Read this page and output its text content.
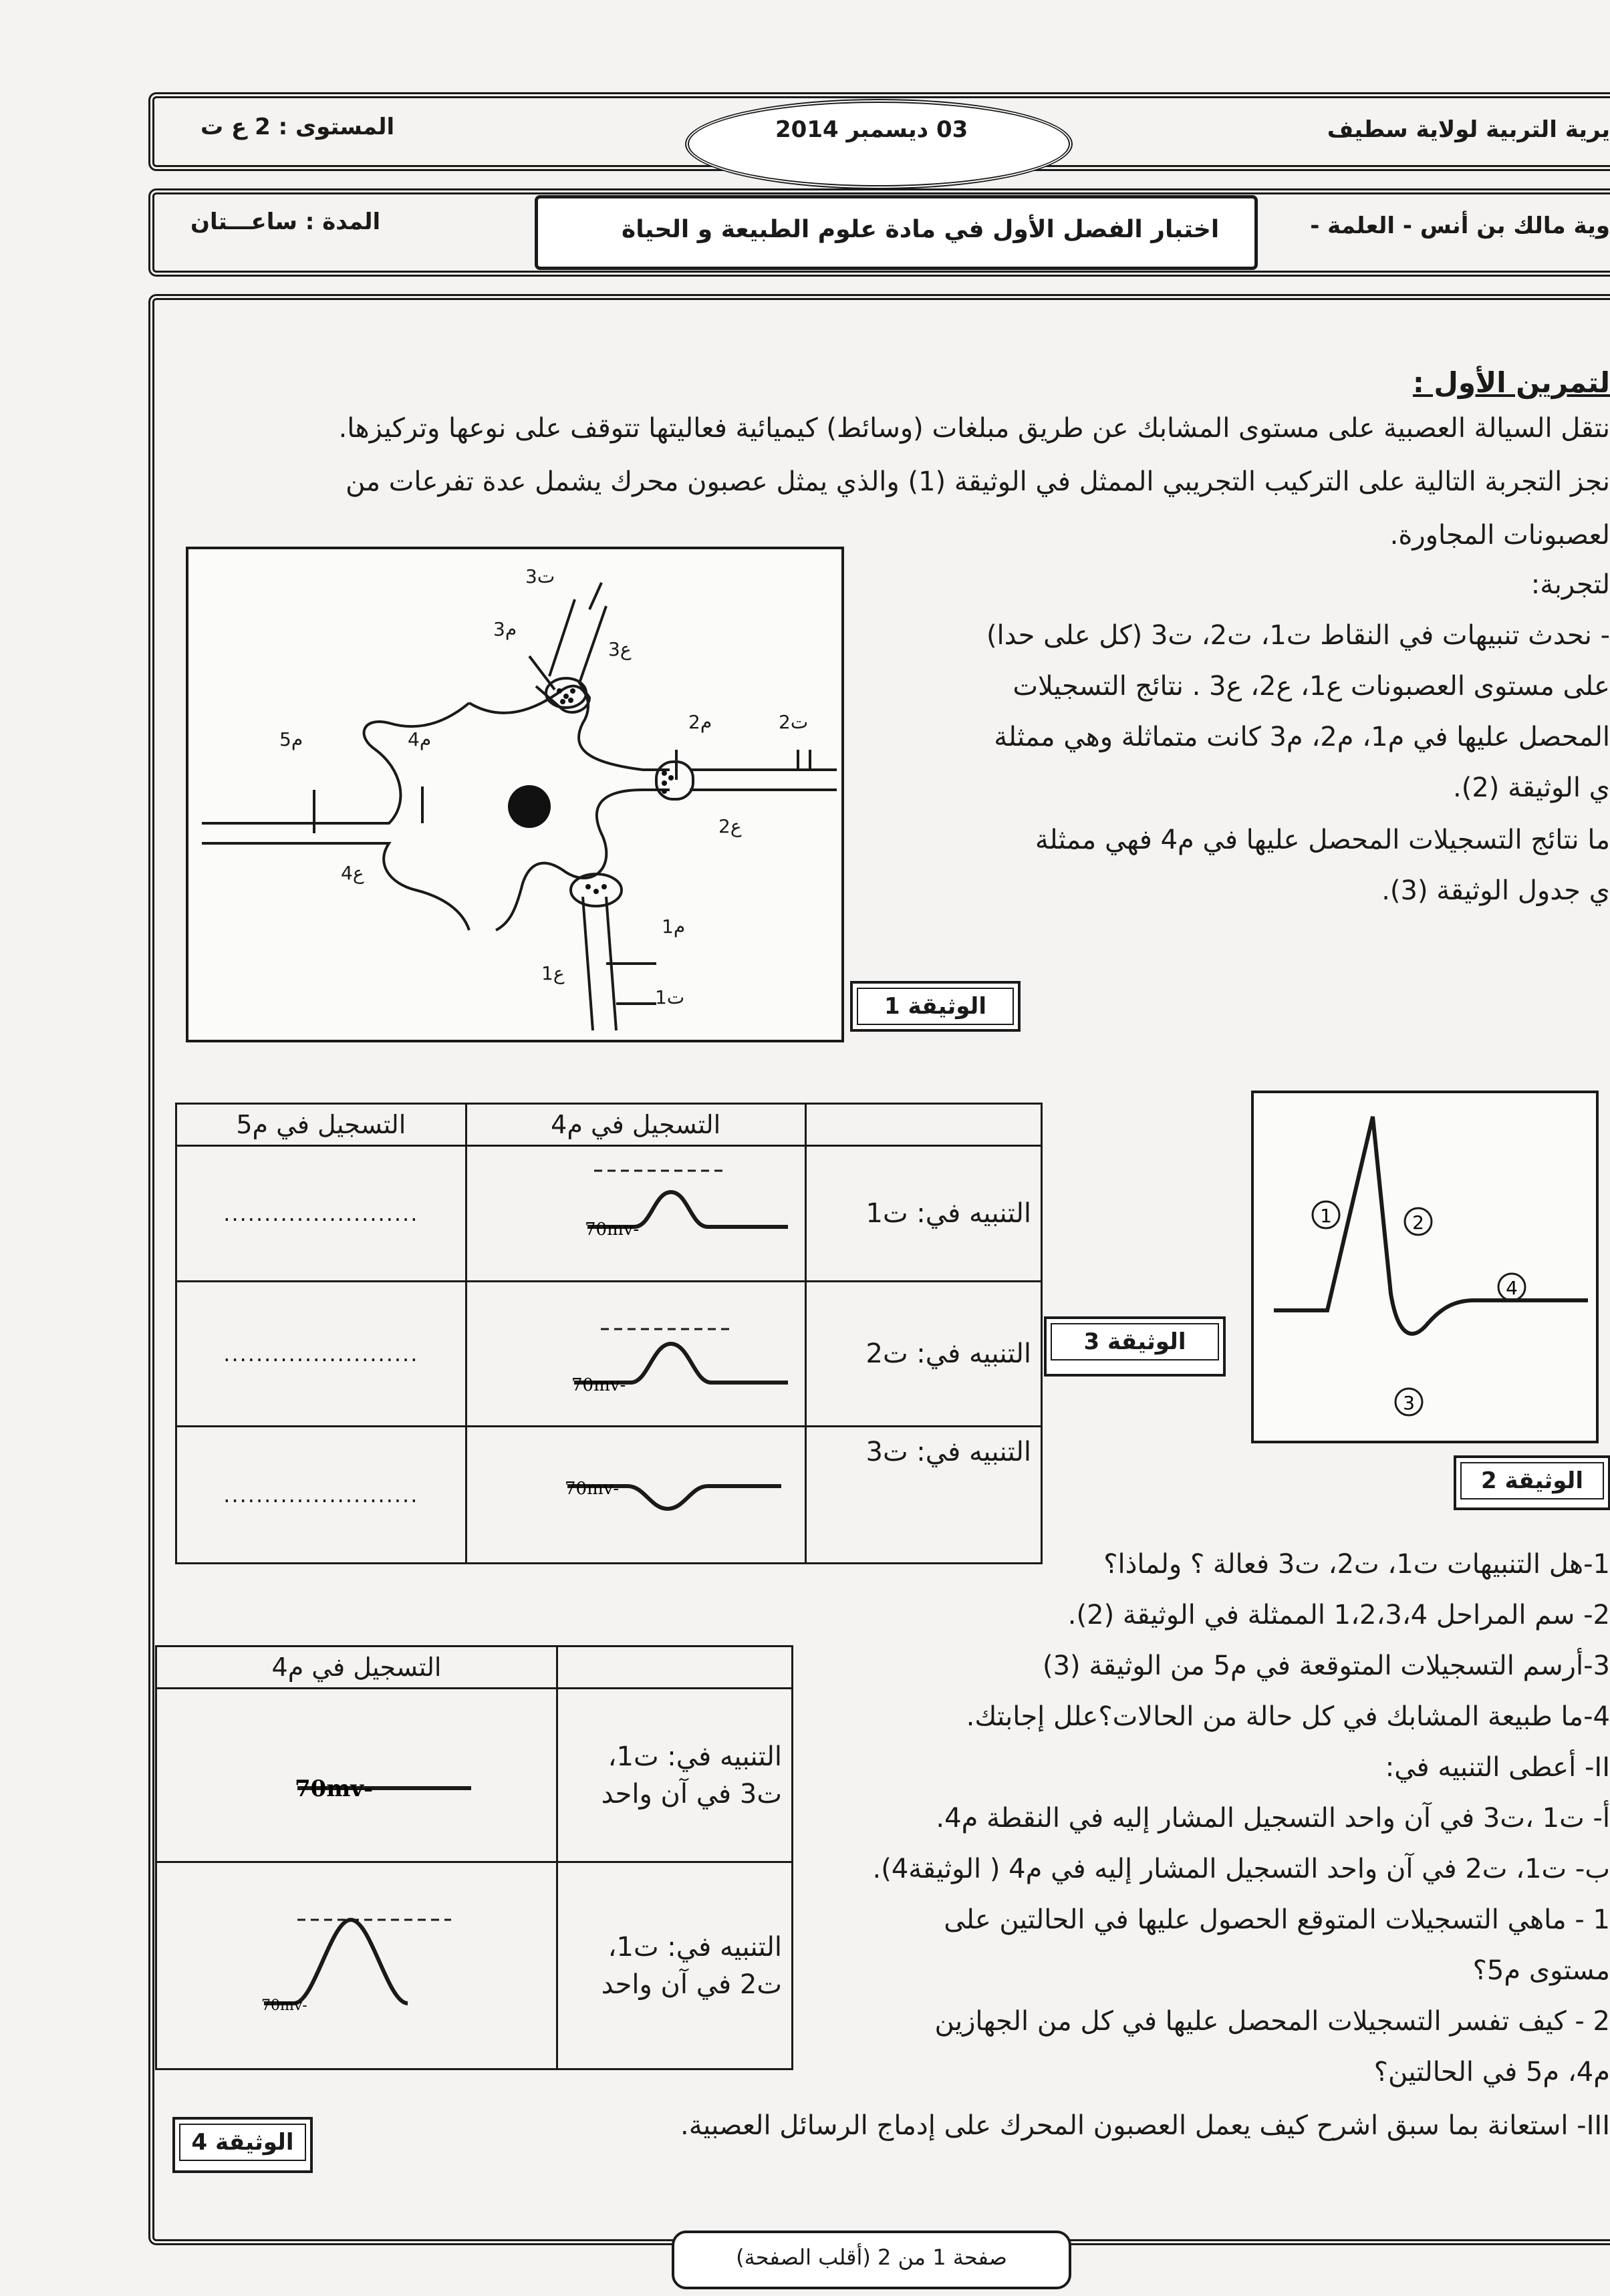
المستوى : 2 ع ت	03 ديسمبر 2014	يرية التربية لولاية سطيف
المدة : ساعـــتان	اختبار الفصل الأول في مادة علوم الطبيعة و الحياة	وية مالك بن أنس - العلمة -
لتمرين الأول :
نتقل السيالة العصبية على مستوى المشابك عن طريق مبلغات (وسائط) كيميائية فعاليتها تتوقف على نوعها وتركيزها.
نجز التجربة التالية على التركيب التجريبي الممثل في الوثيقة (1) والذي يمثل عصبون محرك يشمل عدة تفرعات من
لعصبونات المجاورة.
لتجربة:
- نحدث تنبيهات في النقاط ت1، ت2، ت3 (كل على حدا)
على مستوى العصبونات ع1، ع2، ع3 . نتائج التسجيلات
المحصل عليها في م1، م2، م3 كانت متماثلة وهي ممثلة
ي الوثيقة (2).
ما نتائج التسجيلات المحصل عليها في م4 فهي ممثلة
ي جدول الوثيقة (3).
ت3
م3
ع3
م2	ت2
ع2
م5	م4
ع4
م1
ت1
ع1
الوثيقة 1
1	2
3
4
الوثيقة 2
	التسجيل في م4	التسجيل في م5
التنبيه في: ت1	-70mv	........................
التنبيه في: ت2	-70mv	........................
التنبيه في: ت3	-70mv	........................
الوثيقة 3
1-هل التنبيهات ت1، ت2، ت3 فعالة ؟ ولماذا؟
2- سم المراحل 1،2،3،4 الممثلة في الوثيقة (2).
3-أرسم التسجيلات المتوقعة في م5 من الوثيقة (3)
4-ما طبيعة المشابك في كل حالة من الحالات؟علل إجابتك.
II- أعطى التنبيه في:
أ- ت1 ،ت3 في آن واحد التسجيل المشار إليه في النقطة م4.
ب- ت1، ت2 في آن واحد التسجيل المشار إليه في م4 ( الوثيقة4).
1 - ماهي التسجيلات المتوقع الحصول عليها في الحالتين على
مستوى م5؟
2 - كيف تفسر التسجيلات المحصل عليها في كل من الجهازين
م4، م5 في الحالتين؟
III- استعانة بما سبق اشرح كيف يعمل العصبون المحرك على إدماج الرسائل العصبية.
	التسجيل في م4

التنبيه في: ت1،
ت3 في آن واحد	-70mv

التنبيه في: ت1،
ت2 في آن واحد	-70mv
الوثيقة 4
صفحة 1 من 2 (أقلب الصفحة)
